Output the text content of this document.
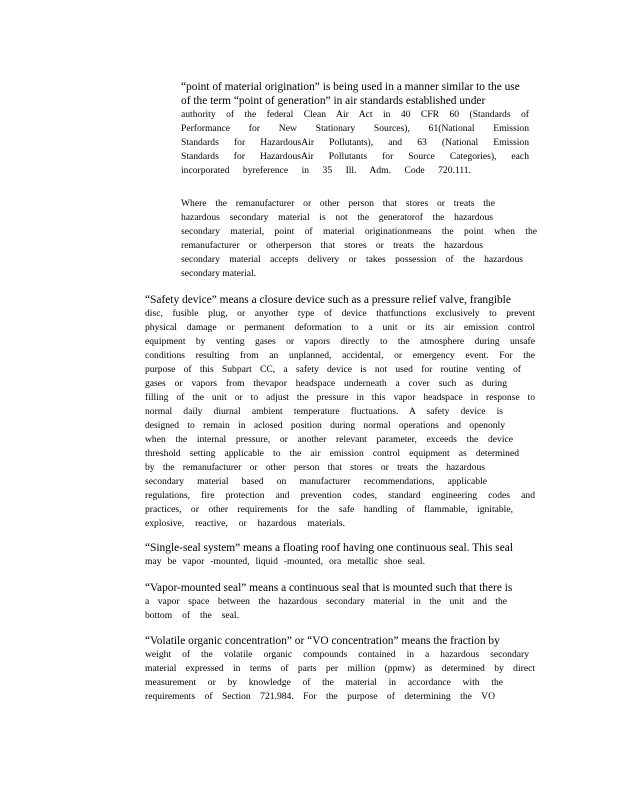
“point of material origination” is being used in a manner similar to the use
of the term “point of generation” in air standards established under
authority of the federal Clean Air Act in 40 CFR 60 (Standards of
Performance for New Stationary Sources), 61(National Emission
Standards for HazardousAir Pollutants), and 63 (National Emission
Standards for HazardousAir Pollutants for Source Categories), each
incorporated byreference in 35 Ill. Adm. Code 720.111.
Where the remanufacturer or other person that stores or treats the
hazardous secondary material is not the generatorof the hazardous
secondary material, point of material originationmeans the point when the
remanufacturer or otherperson that stores or treats the hazardous
secondary material accepts delivery or takes possession of the hazardous
secondary material.
“Safety device” means a closure device such as a pressure relief valve, frangible
disc, fusible plug, or anyother type of device thatfunctions exclusively to prevent
physical damage or permanent deformation to a unit or its air emission control
equipment by venting gases or vapors directly to the atmosphere during unsafe
conditions resulting from an unplanned, accidental, or emergency event. For the
purpose of this Subpart CC, a safety device is not used for routine venting of
gases or vapors from thevapor headspace underneath a cover such as during
filling of the unit or to adjust the pressure in this vapor headspace in response to
normal daily diurnal ambient temperature fluctuations. A safety device is
designed to remain in aclosed position during normal operations and openonly
when the internal pressure, or another relevant parameter, exceeds the device
threshold setting applicable to the air emission control equipment as determined
by the remanufacturer or other person that stores or treats the hazardous
secondary material based on manufacturer recommendations, applicable
regulations, fire protection and prevention codes, standard engineering codes and
practices, or other requirements for the safe handling of flammable, ignitable,
explosive, reactive, or hazardous materials.
“Single-seal system” means a floating roof having one continuous seal. This seal
may be vapor -mounted, liquid -mounted, ora metallic shoe seal.
“Vapor-mounted seal” means a continuous seal that is mounted such that there is
a vapor space between the hazardous secondary material in the unit and the
bottom of the seal.
“Volatile organic concentration” or “VO concentration” means the fraction by
weight of the volatile organic compounds contained in a hazardous secondary
material expressed in terms of parts per million (ppmw) as determined by direct
measurement or by knowledge of the material in accordance with the
requirements of Section 721.984. For the purpose of determining the VO
